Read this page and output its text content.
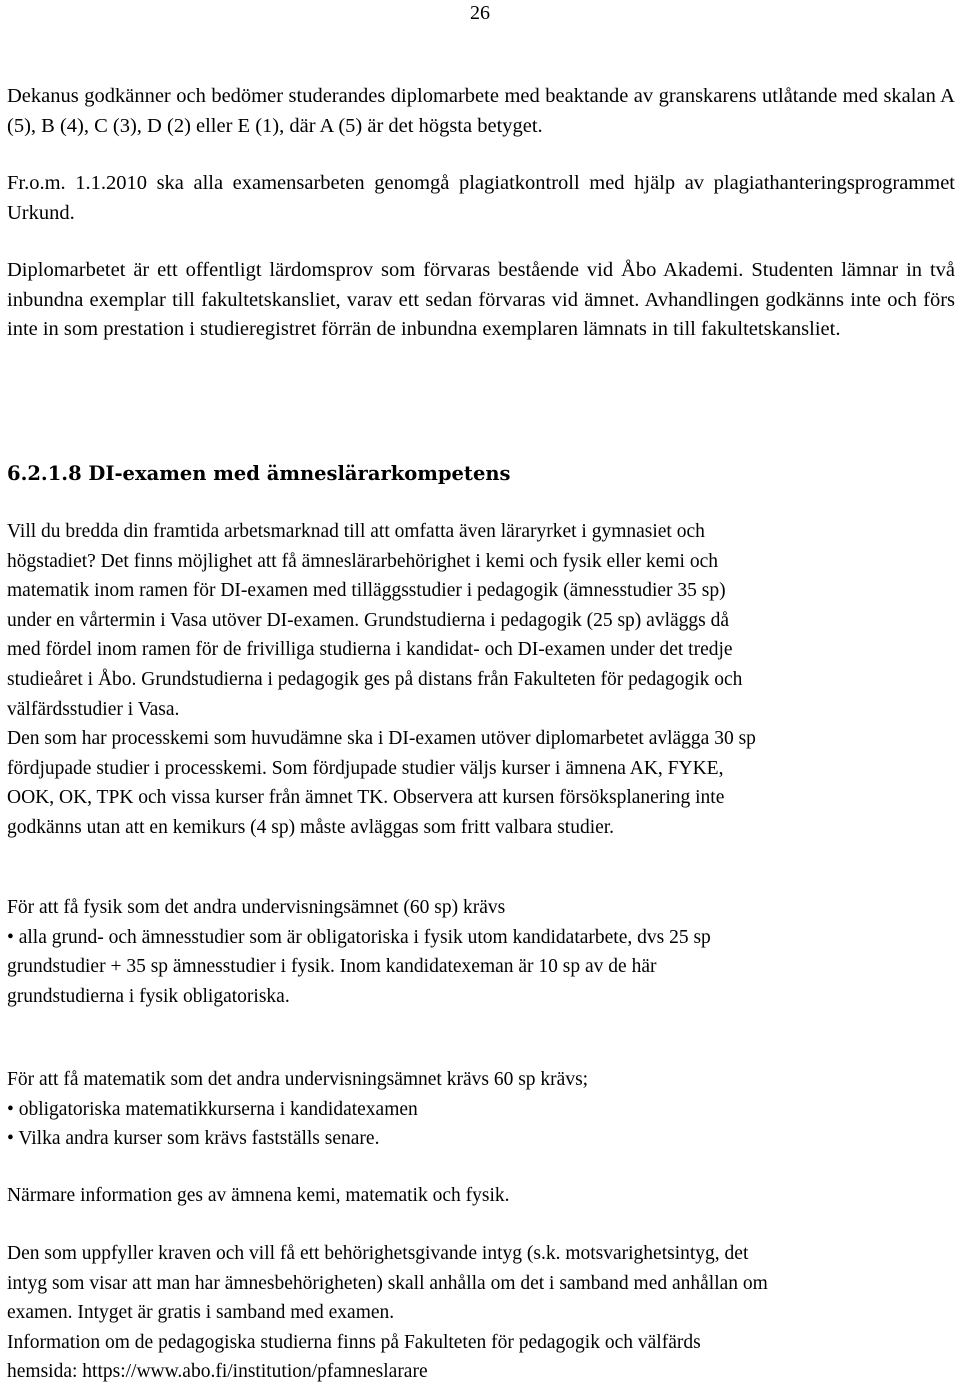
26

Dekanus godkänner och bedömer studerandes diplomarbete med beaktande av granskarens utlåtande med skalan A (5), B (4), C (3), D (2) eller E (1), där A (5) är det högsta betyget.

Fr.o.m. 1.1.2010 ska alla examensarbeten genomgå plagiatkontroll med hjälp av plagiathanteringsprogrammet Urkund.

Diplomarbetet är ett offentligt lärdomsprov som förvaras bestående vid Åbo Akademi. Studenten lämnar in två inbundna exemplar till fakultetskansliet, varav ett sedan förvaras vid ämnet. Avhandlingen godkänns inte och förs inte in som prestation i studieregistret förrän de inbundna exemplaren lämnats in till fakultetskansliet.

6.2.1.8 DI-examen med ämneslärarkompetens
Vill du bredda din framtida arbetsmarknad till att omfatta även läraryrket i gymnasiet och
högstadiet? Det finns möjlighet att få ämneslärarbehörighet i kemi och fysik eller kemi och
matematik inom ramen för DI-examen med tilläggsstudier i pedagogik (ämnesstudier 35 sp)
under en vårtermin i Vasa utöver DI-examen. Grundstudierna i pedagogik (25 sp) avläggs då
med fördel inom ramen för de frivilliga studierna i kandidat- och DI-examen under det tredje
studieåret i Åbo. Grundstudierna i pedagogik ges på distans från Fakulteten för pedagogik och
välfärdsstudier i Vasa.
Den som har processkemi som huvudämne ska i DI-examen utöver diplomarbetet avlägga 30 sp
fördjupade studier i processkemi. Som fördjupade studier väljs kurser i ämnena AK, FYKE,
OOK, OK, TPK och vissa kurser från ämnet TK. Observera att kursen försöksplanering inte
godkänns utan att en kemikurs (4 sp) måste avläggas som fritt valbara studier.
För att få fysik som det andra undervisningsämnet (60 sp) krävs
• alla grund- och ämnesstudier som är obligatoriska i fysik utom kandidatarbete, dvs 25 sp
grundstudier + 35 sp ämnesstudier i fysik. Inom kandidatexeman är 10 sp av de här
grundstudierna i fysik obligatoriska.
För att få matematik som det andra undervisningsämnet krävs 60 sp krävs;
• obligatoriska matematikkurserna i kandidatexamen
• Vilka andra kurser som krävs fastställs senare.
Närmare information ges av ämnena kemi, matematik och fysik.
Den som uppfyller kraven och vill få ett behörighetsgivande intyg (s.k. motsvarighetsintyg, det
intyg som visar att man har ämnesbehörigheten) skall anhålla om det i samband med anhållan om
examen. Intyget är gratis i samband med examen.
Information om de pedagogiska studierna finns på Fakulteten för pedagogik och välfärds
hemsida: https://www.abo.fi/institution/pfamneslarare
